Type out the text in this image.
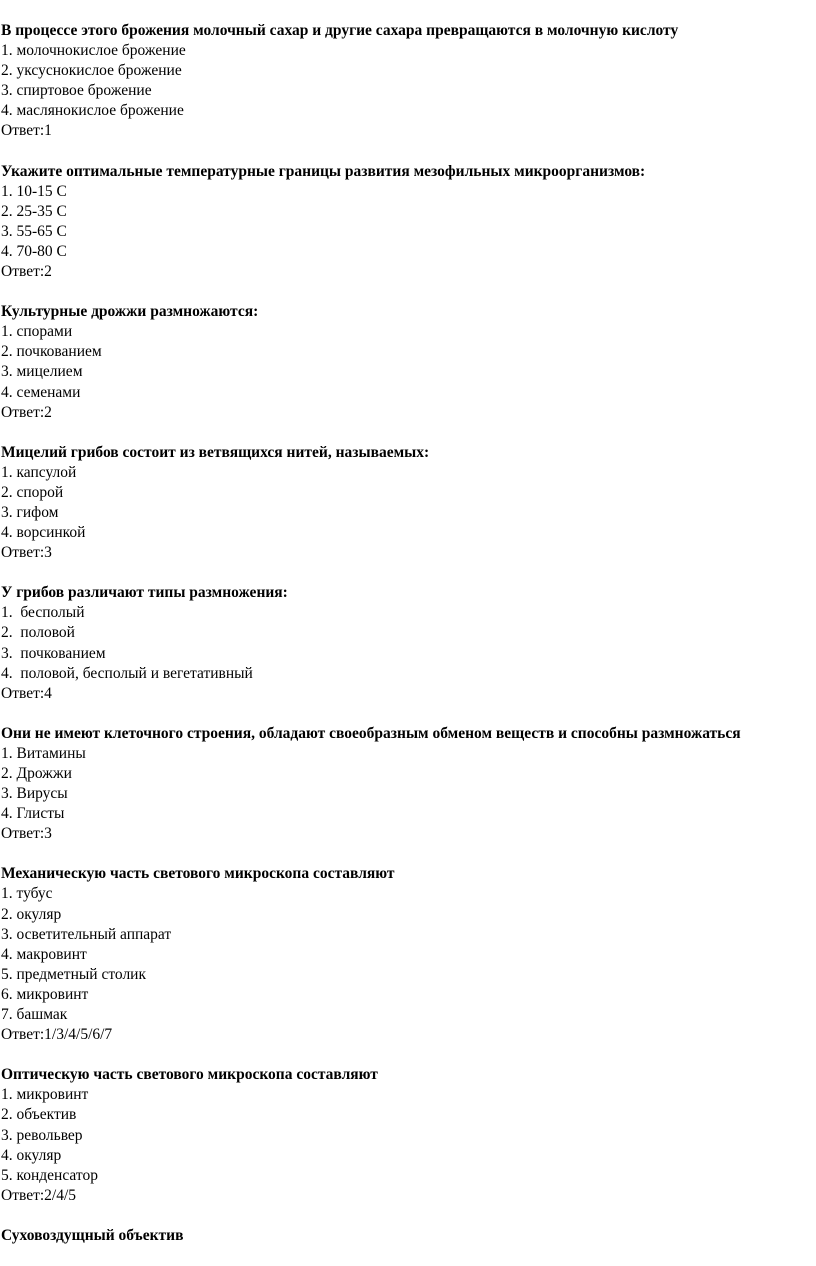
В процессе этого брожения молочный сахар и другие сахара превращаются в молочную кислоту

1. молочнокислое брожение

2. уксуснокислое брожение

3. спиртовое брожение

4. маслянокислое брожение

Ответ:1

Укажите оптимальные температурные границы развития мезофильных микроорганизмов:

1. 10-15 С

2. 25-35 С

3. 55-65 С

4. 70-80 С

Ответ:2

Культурные дрожжи размножаются:

1. спорами

2. почкованием

3. мицелием

4. семенами

Ответ:2

Мицелий грибов состоит из ветвящихся нитей, называемых:

1. капсулой

2. спорой

3. гифом

4. ворсинкой

Ответ:3

У грибов различают типы размножения:

1.  бесполый

2.  половой

3.  почкованием

4.  половой, бесполый и вегетативный

Ответ:4

Они не имеют клеточного строения, обладают своеобразным обменом веществ и способны размножаться

1. Витамины

2. Дрожжи

3. Вирусы

4. Глисты

Ответ:3

Механическую часть светового микроскопа составляют

1. тубус

2. окуляр

3. осветительный аппарат

4. макровинт

5. предметный столик

6. микровинт

7. башмак

Ответ:1/3/4/5/6/7

Оптическую часть светового микроскопа составляют

1. микровинт

2. объектив

3. револьвер

4. окуляр

5. конденсатор

Ответ:2/4/5

Суховоздущный объектив
